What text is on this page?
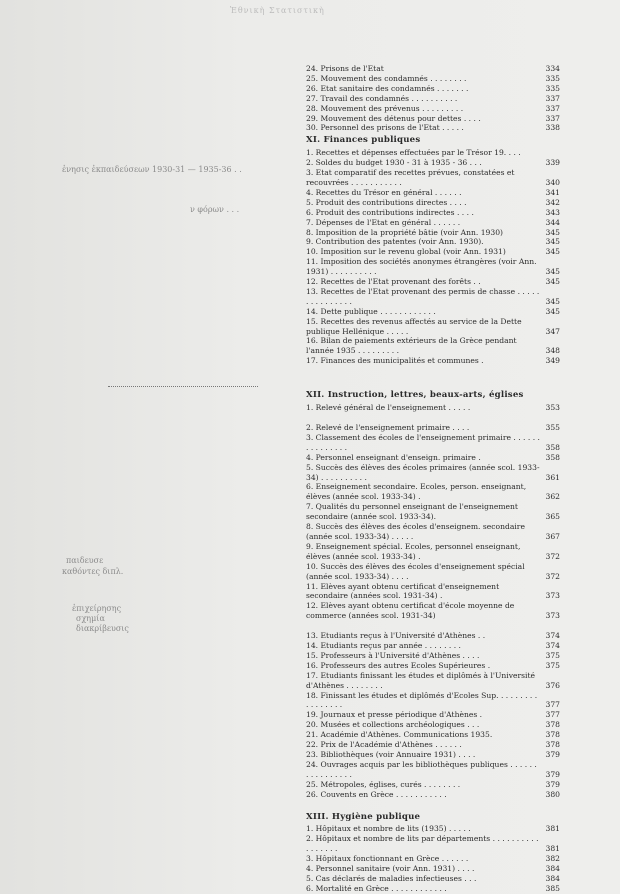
Ἐθνικὴ Στατιστικὴ
ἐνησις ἐκπαιδεύσεων 1930-31 — 1935-36 . .
ν φόρων . . .
παιδευσε
καθόντες διπλ.
ἐπιχείρησης
σχημία
διακρίβευσις
24. Prisons de l'Etat	334
25. Mouvement des condamnés . . . . . . . .	335
26. Etat sanitaire des condamnés . . . . . . .	335
27. Travail des condamnés . . . . . . . . . .	337
28. Mouvement des prévenus . . . . . . . . .	337
29. Mouvement des détenus pour dettes . . . .	337
30. Personnel des prisons de l'Etat . . . . .	338
XI. Finances publiques
1. Recettes et dépenses effectuées par le Trésor 19. . . .
2. Soldes du budget 1930 - 31 à 1935 - 36 . . .	339
3. Etat comparatif des recettes prévues, constatées et recouvrées . . . . . . . . . . .	340
4. Recettes du Trésor en général . . . . . .	341
5. Produit des contributions directes . . . .	342
6. Produit des contributions indirectes . . . .	343
7. Dépenses de l'Etat en général . . . . . .	344
8. Imposition de la propriété bâtie (voir Ann. 1930)	345
9. Contribution des patentes (voir Ann. 1930).	345
10. Imposition sur le revenu global (voir Ann. 1931)	345
11. Imposition des sociétés anonymes étrangères (voir Ann. 1931) . . . . . . . . . .	345
12. Recettes de l'Etat provenant des forêts . .	345
13. Recettes de l'Etat provenant des permis de chasse . . . . . . . . . . . . . . .	345
14. Dette publique . . . . . . . . . . . .	345
15. Recettes des revenus affectés au service de la Dette publique Hellénique . . . . .	347
16. Bilan de paiements extérieurs de la Grèce pendant l'année 1935 . . . . . . . . .	348
17. Finances des municipalités et communes .	349
XII. Instruction, lettres, beaux-arts, églises
1. Relevé général de l'enseignement . . . . .	353
2. Relevé de l'enseignement primaire . . . .	355
3. Classement des écoles de l'enseignement primaire . . . . . . . . . . . . . . .	358
4. Personnel enseignant d'enseign. primaire .	358
5. Succès des élèves des écoles primaires (année scol. 1933-34) . . . . . . . . . .	361
6. Enseignement secondaire. Ecoles, person. enseignant, élèves (année scol. 1933-34) .	362
7. Qualités du personnel enseignant de l'enseignement secondaire (année scol. 1933-34).	365
8. Succès des élèves des écoles d'enseignem. secondaire (année scol. 1933-34) . . . . .	367
9. Enseignement spécial. Ecoles, personnel enseignant, élèves (année scol. 1933-34) .	372
10. Succès des élèves des écoles d'enseignement spécial (année scol. 1933-34) . . . .	372
11. Elèves ayant obtenu certificat d'enseignement secondaire (années scol. 1931-34) .	373
12. Elèves ayant obtenu certificat d'école moyenne de commerce (années scol. 1931-34)	373
13. Etudiants reçus à l'Université d'Athènes . .	374
14. Etudiants reçus par année . . . . . . . .	374
15. Professeurs à l'Université d'Athènes . . . .	375
16. Professeurs des autres Ecoles Supérieures .	375
17. Etudiants finissant les études et diplômés à l'Université d'Athènes . . . . . . . .	376
18. Finissant les études et diplômés d'Ecoles Sup. . . . . . . . . . . . . . . . .	377
19. Journaux et presse périodique d'Athènes .	377
20. Musées et collections archéologiques . . .	378
21. Académie d'Athènes. Communications 1935.	378
22. Prix de l'Académie d'Athènes . . . . . .	378
23. Bibliothèques (voir Annuaire 1931) . . . .	379
24. Ouvrages acquis par les bibliothèques publiques . . . . . . . . . . . . . . . .	379
25. Métropoles, églises, curés . . . . . . . .	379
26. Couvents en Grèce . . . . . . . . . . .	380
XIII. Hygiène publique
1. Hôpitaux et nombre de lits (1935) . . . . .	381
2. Hôpitaux et nombre de lits par départements . . . . . . . . . . . . . . . . .	381
3. Hôpitaux fonctionnant en Grèce . . . . . .	382
4. Personnel sanitaire (voir Ann. 1931) . . . .	384
5. Cas déclarés de maladies infectieuses . . .	384
6. Mortalité en Grèce . . . . . . . . . . . .	385
